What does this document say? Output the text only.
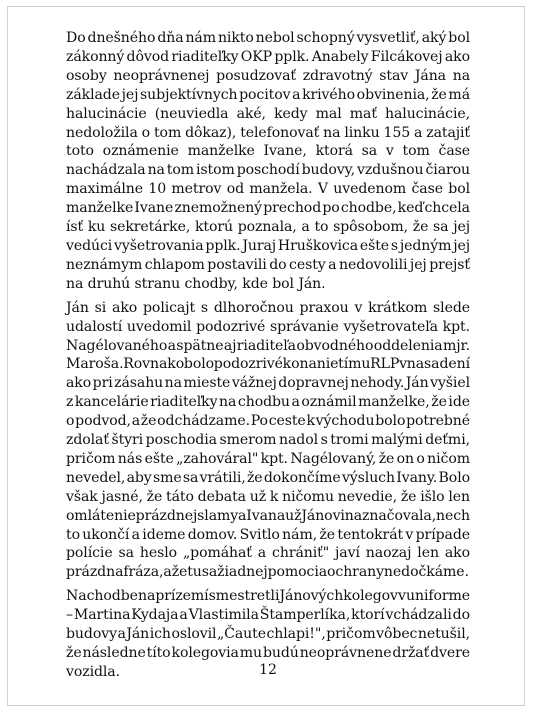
Do dnešného dňa nám nikto nebol schopný vysvetliť, aký bol
zákonný dôvod riaditeľky OKP pplk. Anabely Filcákovej ako
osoby neoprávnenej posudzovať zdravotný stav Jána na
základe jej subjektívnych pocitov a krivého obvinenia, že má
halucinácie (neuviedla aké, kedy mal mať halucinácie,
nedoložila o tom dôkaz), telefonovať na linku 155 a zatajiť
toto oznámenie manželke Ivane, ktorá sa v tom čase
nachádzala na tom istom poschodí budovy, vzdušnou čiarou
maximálne 10 metrov od manžela. V uvedenom čase bol
manželke Ivane znemožnený prechod po chodbe, keď chcela
ísť ku sekretárke, ktorú poznala, a to spôsobom, že sa jej
vedúci vyšetrovania pplk. Juraj Hruškovica ešte s jedným jej
neznámym chlapom postavili do cesty a nedovolili jej prejsť
na druhú stranu chodby, kde bol Ján.
Ján si ako policajt s dlhoročnou praxou v krátkom slede
udalostí uvedomil podozrivé správanie vyšetrovateľa kpt.
Nagélovaného a spätne aj riaditeľa obvodného oddelenia mjr.
Maroša. Rovnako bolo podozrivé konanie tímu RLP v nasadení
ako pri zásahu na mieste vážnej dopravnej nehody. Ján vyšiel
z kancelárie riaditeľky na chodbu a oznámil manželke, že ide
o podvod, a že odchádzame. Po ceste k východu bolo potrebné
zdolať štyri poschodia smerom nadol s tromi malými deťmi,
pričom nás ešte „zahováral" kpt. Nagélovaný, že on o ničom
nevedel, aby sme sa vrátili, že dokončíme výsluch Ivany. Bolo
však jasné, že táto debata už k ničomu nevedie, že išlo len
o mlátenie prázdnej slamy a Ivana už Jánovi naznačovala, nech
to ukončí a ideme domov. Svitlo nám, že tentokrát v prípade
polície sa heslo „pomáhať a chrániť" javí naozaj len ako
prázdna fráza, a že tu sa žiadnej pomoci a ochrany nedočkáme.
Na chodbe na prízemí sme stretli Jánových kolegov v uniforme
– Martina Kydaja a Vlastimila Štamperlíka, ktorí vchádzali do
budovy a Ján ich oslovil „Čaute chlapi!", pričom vôbec netušil,
že následne títo kolegovia mu budú neoprávnene držať dvere
vozidla.	12
